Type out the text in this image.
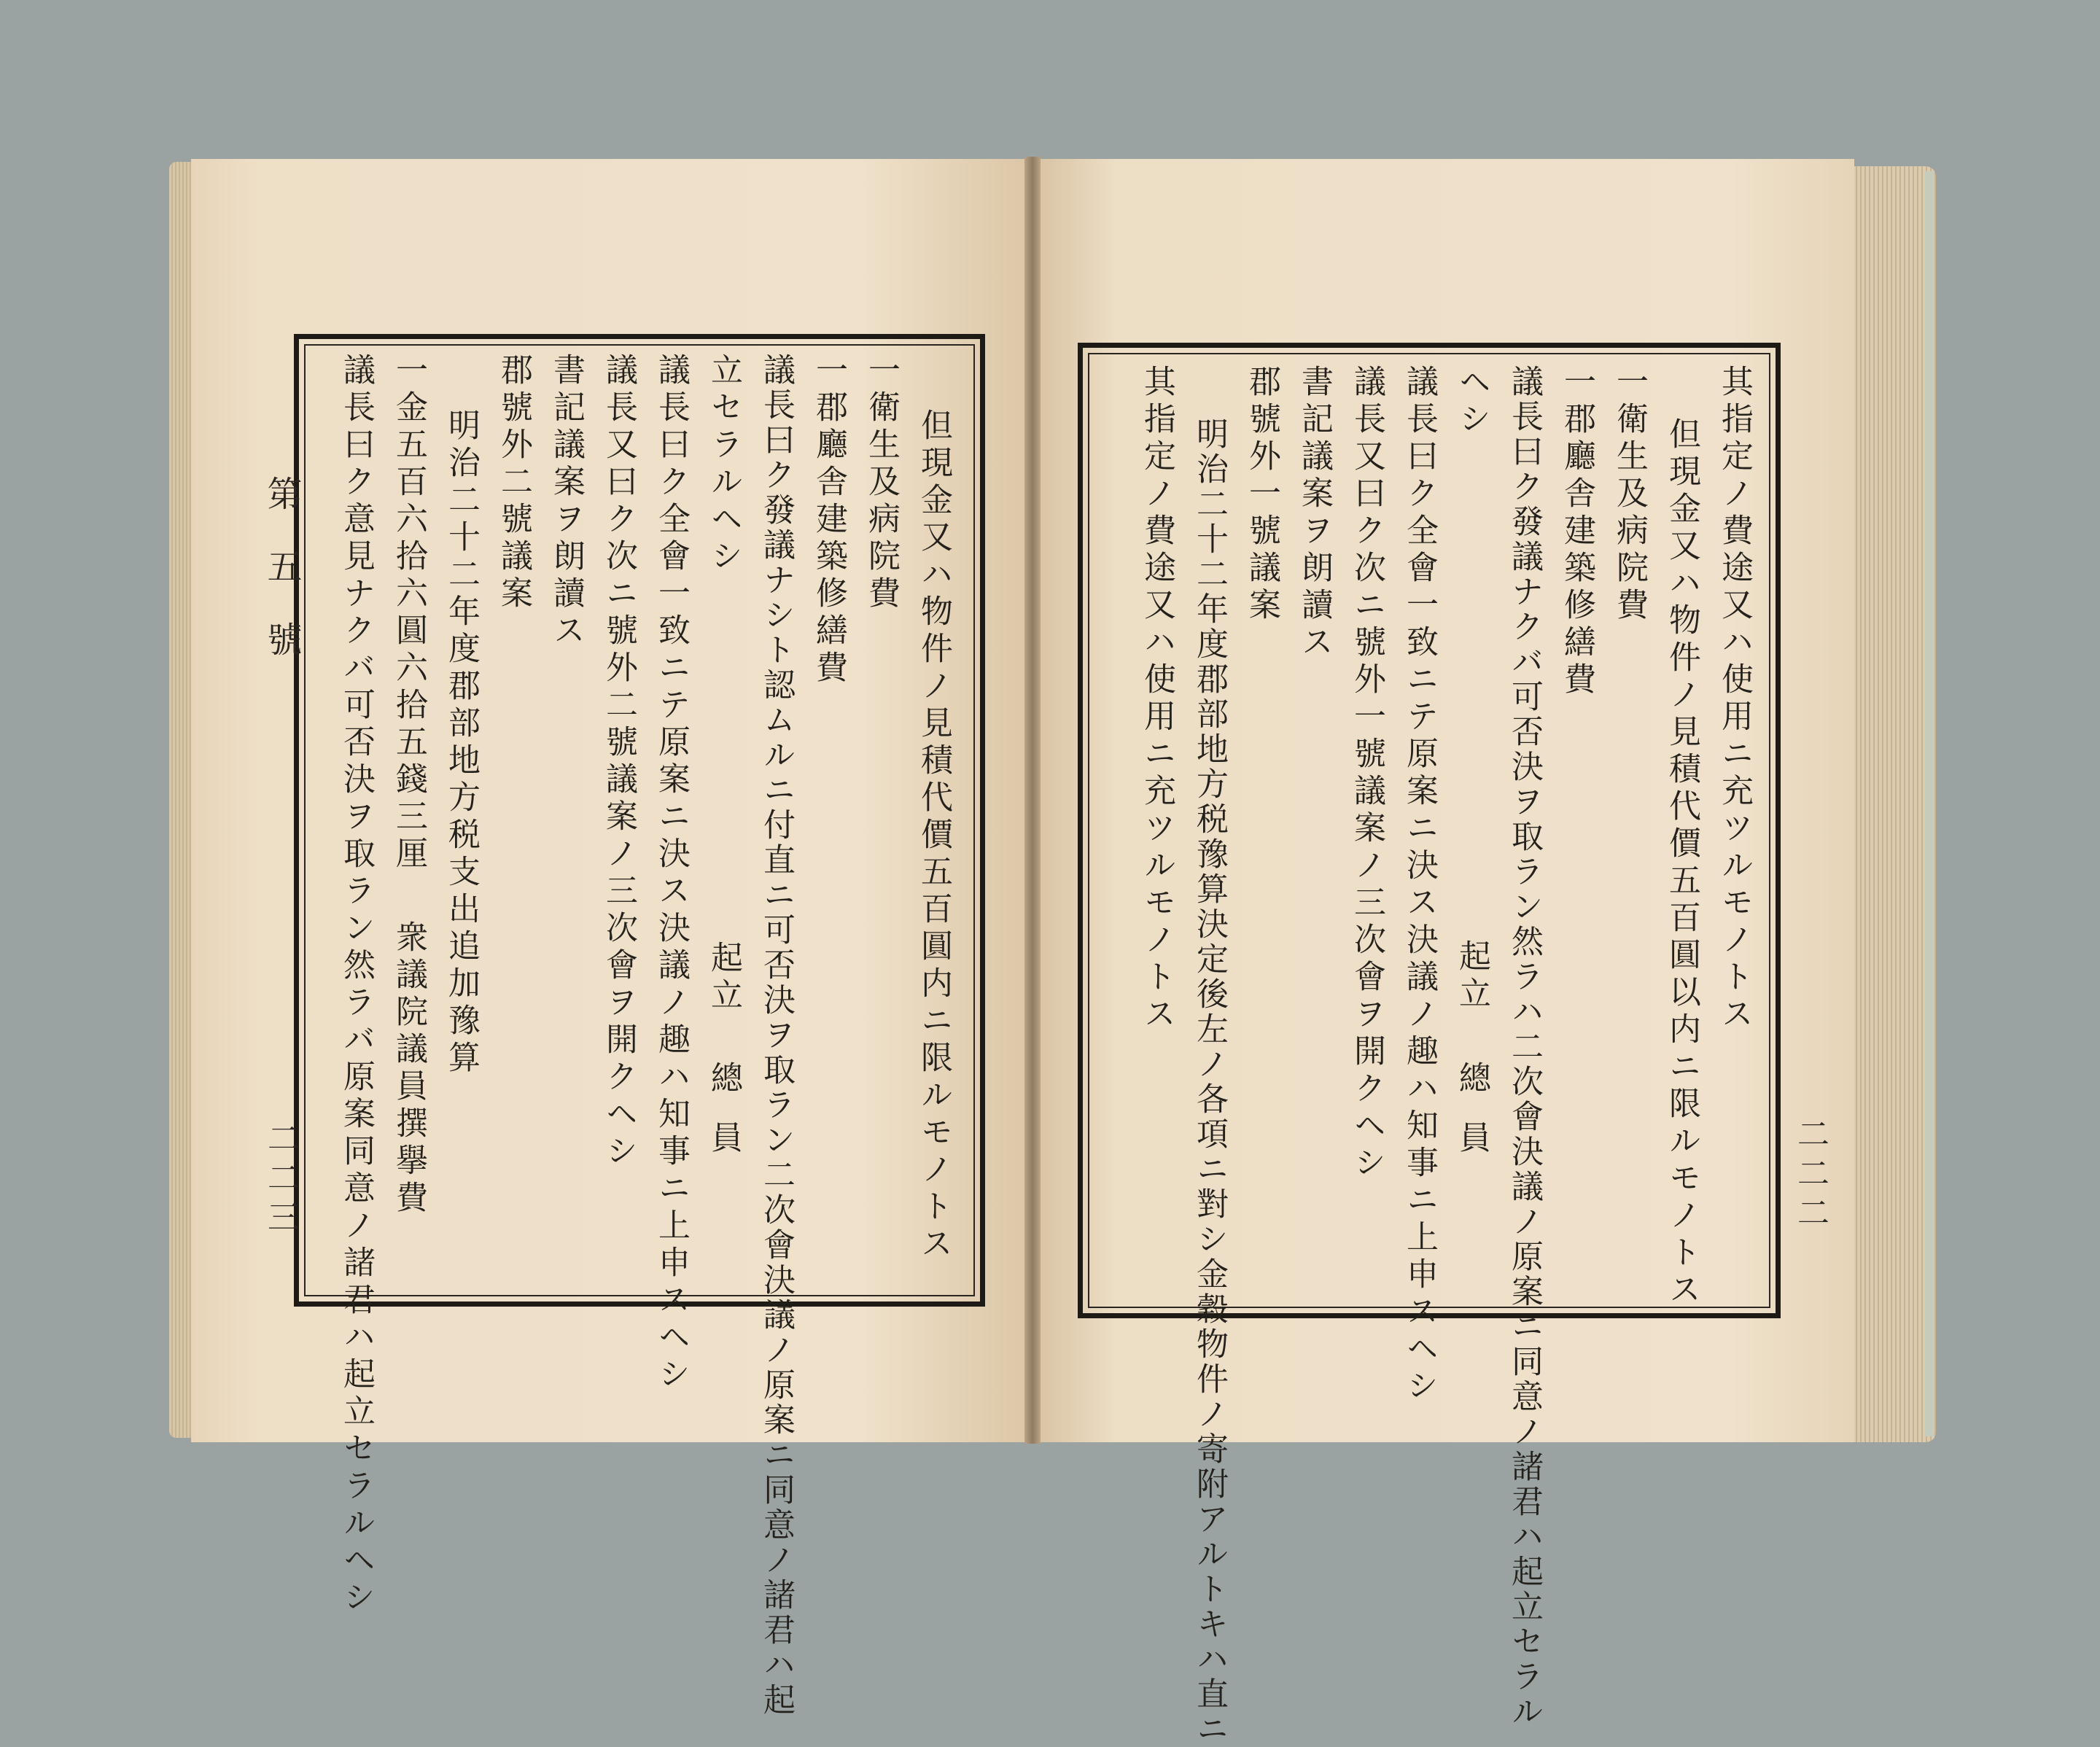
第五號
二二三	但現金又ハ物件ノ見積代價五百圓内ニ限ルモノトス
一衛生及病院費
一郡廳舎建築修繕費
議長曰ク發議ナシト認ムルニ付直ニ可否決ヲ取ラン二次會決議ノ原案ニ同意ノ諸君ハ起
立セラルヘシ
起立
總員
議長曰ク全會一致ニテ原案ニ決ス決議ノ趣ハ知事ニ上申スヘシ
議長又曰ク次ニ號外二號議案ノ三次會ヲ開クヘシ
書記議案ヲ朗讀ス
郡號外二號議案
明治二十二年度郡部地方税支出追加豫算
衆議院議員撰擧費
一金五百六拾六圓六拾五錢三厘
議長曰ク意見ナクバ可否決ヲ取ラン然ラバ原案同意ノ諸君ハ起立セラルヘシ	二二二
其指定ノ費途又ハ使用ニ充ツルモノトス
但現金又ハ物件ノ見積代價五百圓以内ニ限ルモノトス
一衛生及病院費
一郡廳舎建築修繕費
議長曰ク發議ナクバ可否決ヲ取ラン然ラハ二次會決議ノ原案ニ同意ノ諸君ハ起立セラル
ヘシ
起立
總員
議長曰ク全會一致ニテ原案ニ決ス決議ノ趣ハ知事ニ上申スヘシ
議長又曰ク次ニ號外一號議案ノ三次會ヲ開クヘシ
書記議案ヲ朗讀ス
郡號外一號議案
明治二十二年度郡部地方税豫算決定後左ノ各項ニ對シ金穀物件ノ寄附アルトキハ直ニ
其指定ノ費途又ハ使用ニ充ツルモノトス
